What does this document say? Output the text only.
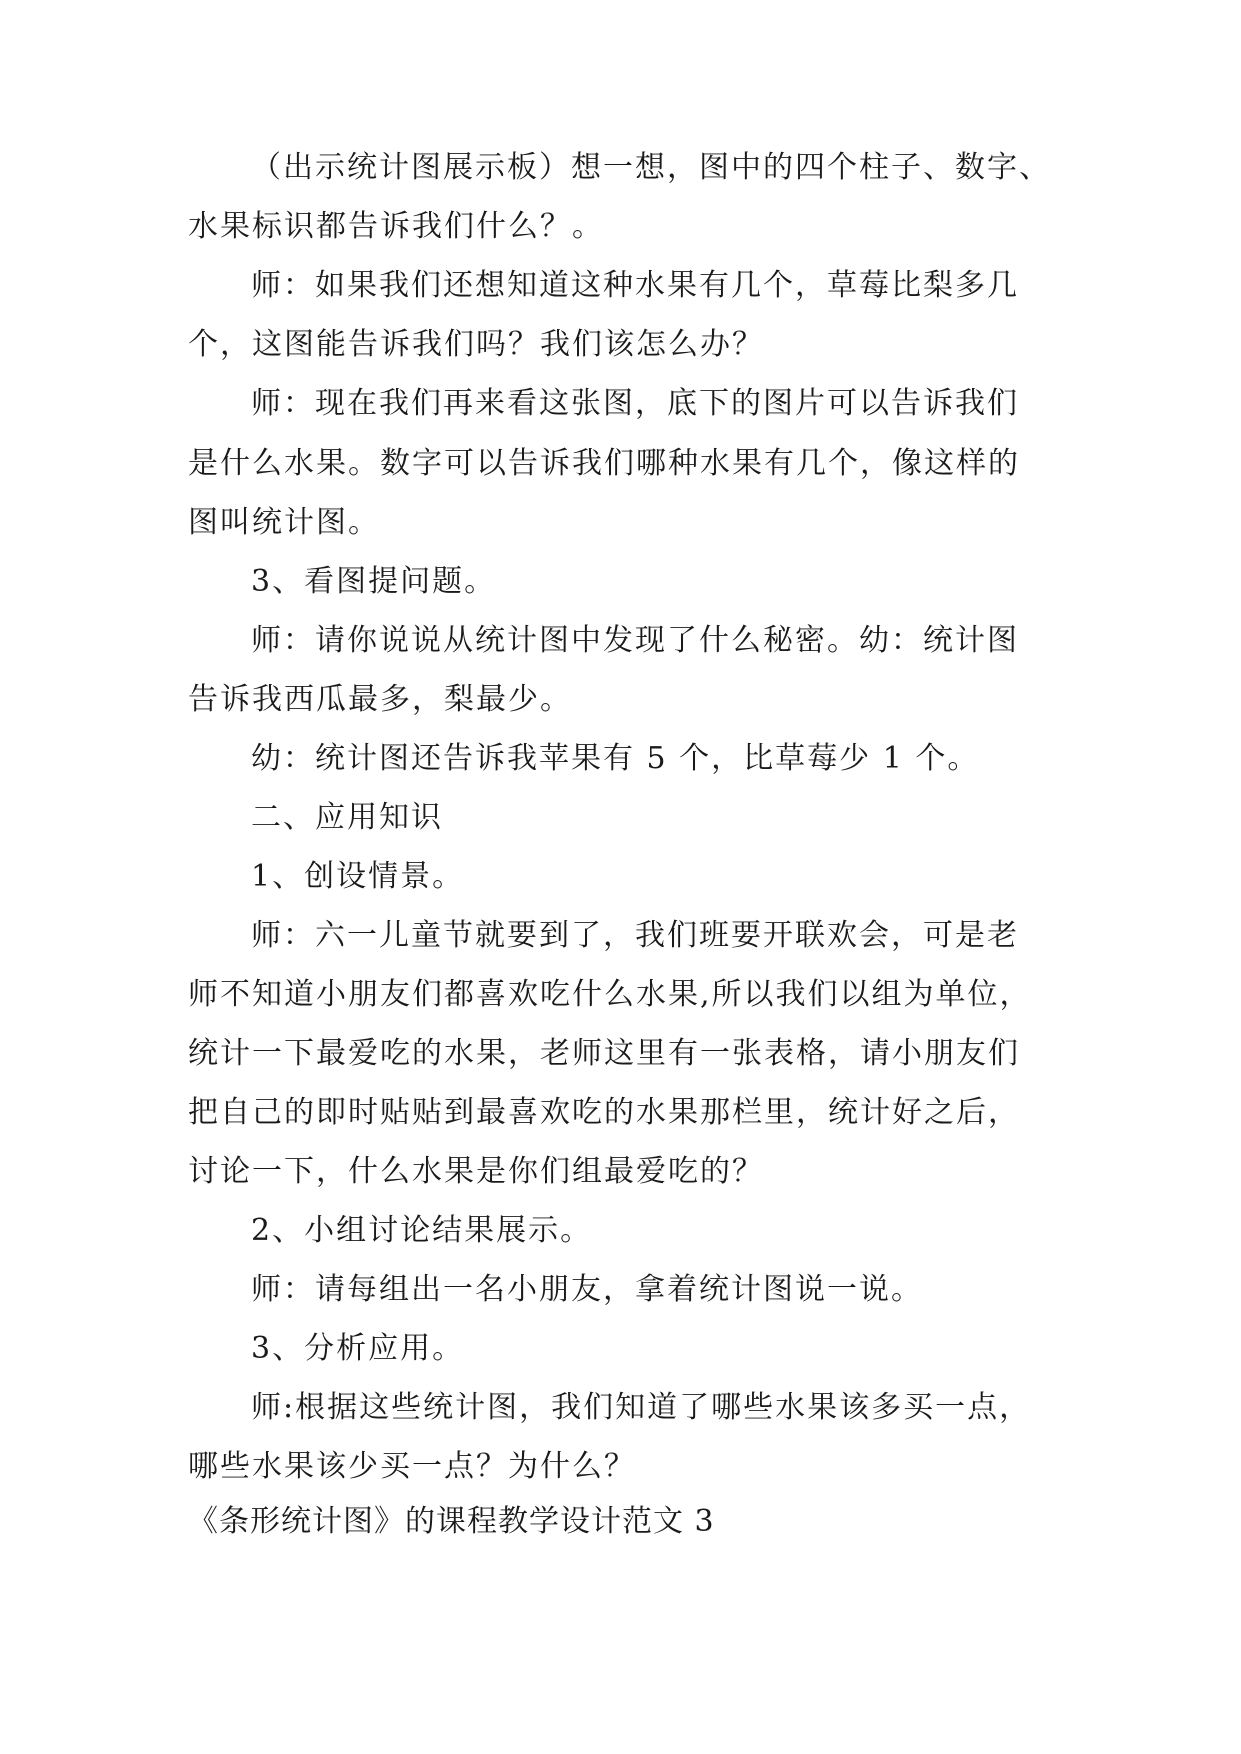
（出示统计图展示板）想一想，图中的四个柱子、数字、
水果标识都告诉我们什么？。
师：如果我们还想知道这种水果有几个，草莓比梨多几
个，这图能告诉我们吗？我们该怎么办？
师：现在我们再来看这张图，底下的图片可以告诉我们
是什么水果。数字可以告诉我们哪种水果有几个，像这样的
图叫统计图。
3、看图提问题。
师：请你说说从统计图中发现了什么秘密。幼：统计图
告诉我西瓜最多，梨最少。
幼：统计图还告诉我苹果有 5 个，比草莓少 1 个。
二、应用知识
1、创设情景。
师：六一儿童节就要到了，我们班要开联欢会，可是老
师不知道小朋友们都喜欢吃什么水果,所以我们以组为单位，
统计一下最爱吃的水果，老师这里有一张表格，请小朋友们
把自己的即时贴贴到最喜欢吃的水果那栏里，统计好之后，
讨论一下，什么水果是你们组最爱吃的？
2、小组讨论结果展示。
师：请每组出一名小朋友，拿着统计图说一说。
3、分析应用。
师:根据这些统计图，我们知道了哪些水果该多买一点，
哪些水果该少买一点？为什么？
《条形统计图》的课程教学设计范文 3
